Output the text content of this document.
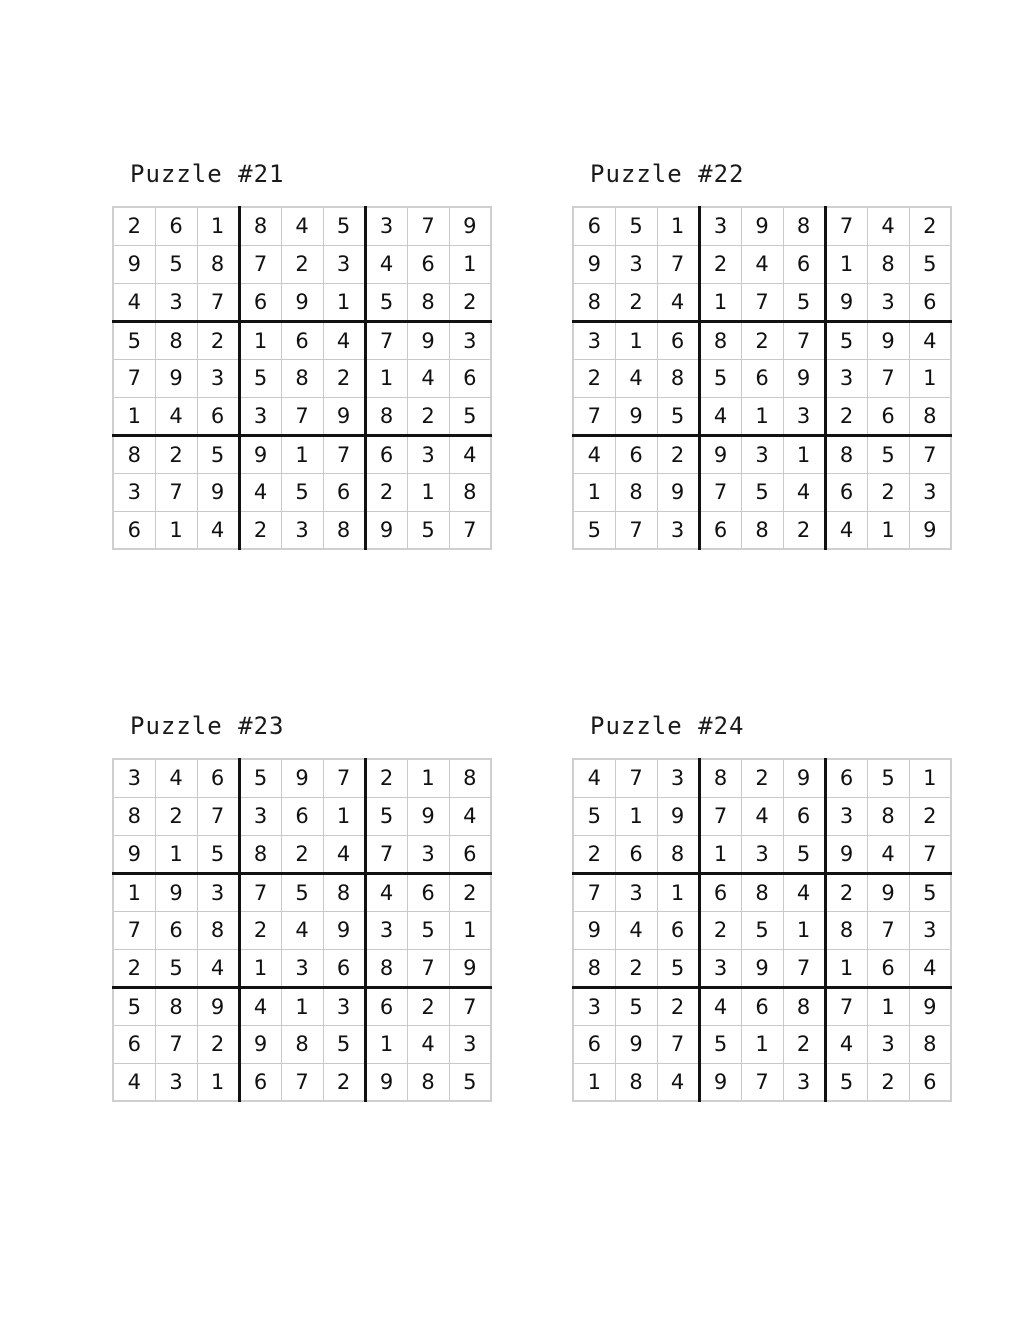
Puzzle #21
2	6	1	8	4	5	3	7	9
9	5	8	7	2	3	4	6	1
4	3	7	6	9	1	5	8	2
5	8	2	1	6	4	7	9	3
7	9	3	5	8	2	1	4	6
1	4	6	3	7	9	8	2	5
8	2	5	9	1	7	6	3	4
3	7	9	4	5	6	2	1	8
6	1	4	2	3	8	9	5	7
Puzzle #22
6	5	1	3	9	8	7	4	2
9	3	7	2	4	6	1	8	5
8	2	4	1	7	5	9	3	6
3	1	6	8	2	7	5	9	4
2	4	8	5	6	9	3	7	1
7	9	5	4	1	3	2	6	8
4	6	2	9	3	1	8	5	7
1	8	9	7	5	4	6	2	3
5	7	3	6	8	2	4	1	9
Puzzle #23
3	4	6	5	9	7	2	1	8
8	2	7	3	6	1	5	9	4
9	1	5	8	2	4	7	3	6
1	9	3	7	5	8	4	6	2
7	6	8	2	4	9	3	5	1
2	5	4	1	3	6	8	7	9
5	8	9	4	1	3	6	2	7
6	7	2	9	8	5	1	4	3
4	3	1	6	7	2	9	8	5
Puzzle #24
4	7	3	8	2	9	6	5	1
5	1	9	7	4	6	3	8	2
2	6	8	1	3	5	9	4	7
7	3	1	6	8	4	2	9	5
9	4	6	2	5	1	8	7	3
8	2	5	3	9	7	1	6	4
3	5	2	4	6	8	7	1	9
6	9	7	5	1	2	4	3	8
1	8	4	9	7	3	5	2	6
